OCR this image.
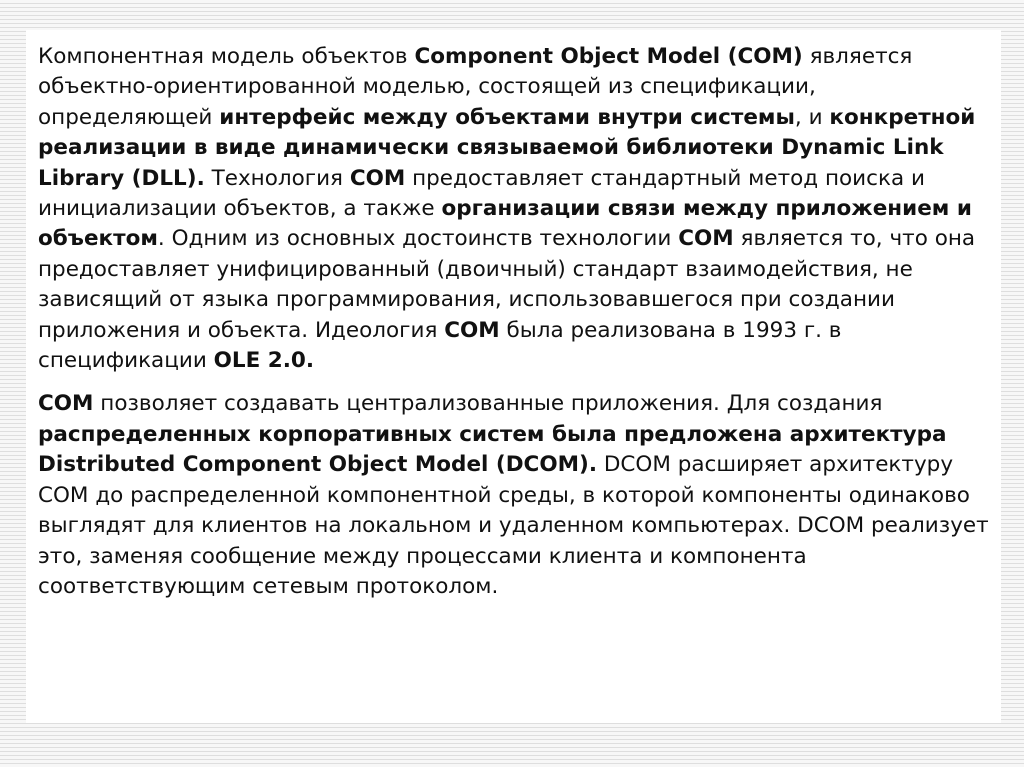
Компонентная модель объектов Component Object Model (COM) является объектно-ориентированной моделью, состоящей из спецификации, определяющей интерфейс между объектами внутри системы, и конкретной реализации в виде динамически связываемой библиотеки Dynamic Link Library (DLL). Технология COM предоставляет стандартный метод поиска и инициализации объектов, а также организации связи между приложением и объектом. Одним из основных достоинств технологии COM является то, что она предоставляет унифицированный (двоичный) стандарт взаимодействия, не зависящий от языка программирования, использовавшегося при создании приложения и объекта. Идеология COM была реализована в 1993 г. в спецификации OLE 2.0.

COM позволяет создавать централизованные приложения. Для создания распределенных корпоративных систем была предложена архитектура Distributed Component Object Model (DCOM). DCOM расширяет архитектуру COM до распределенной компонентной среды, в которой компоненты одинаково выглядят для клиентов на локальном и удаленном компьютерах. DCOM реализует это, заменяя сообщение между процессами клиента и компонента соответствующим сетевым протоколом.
